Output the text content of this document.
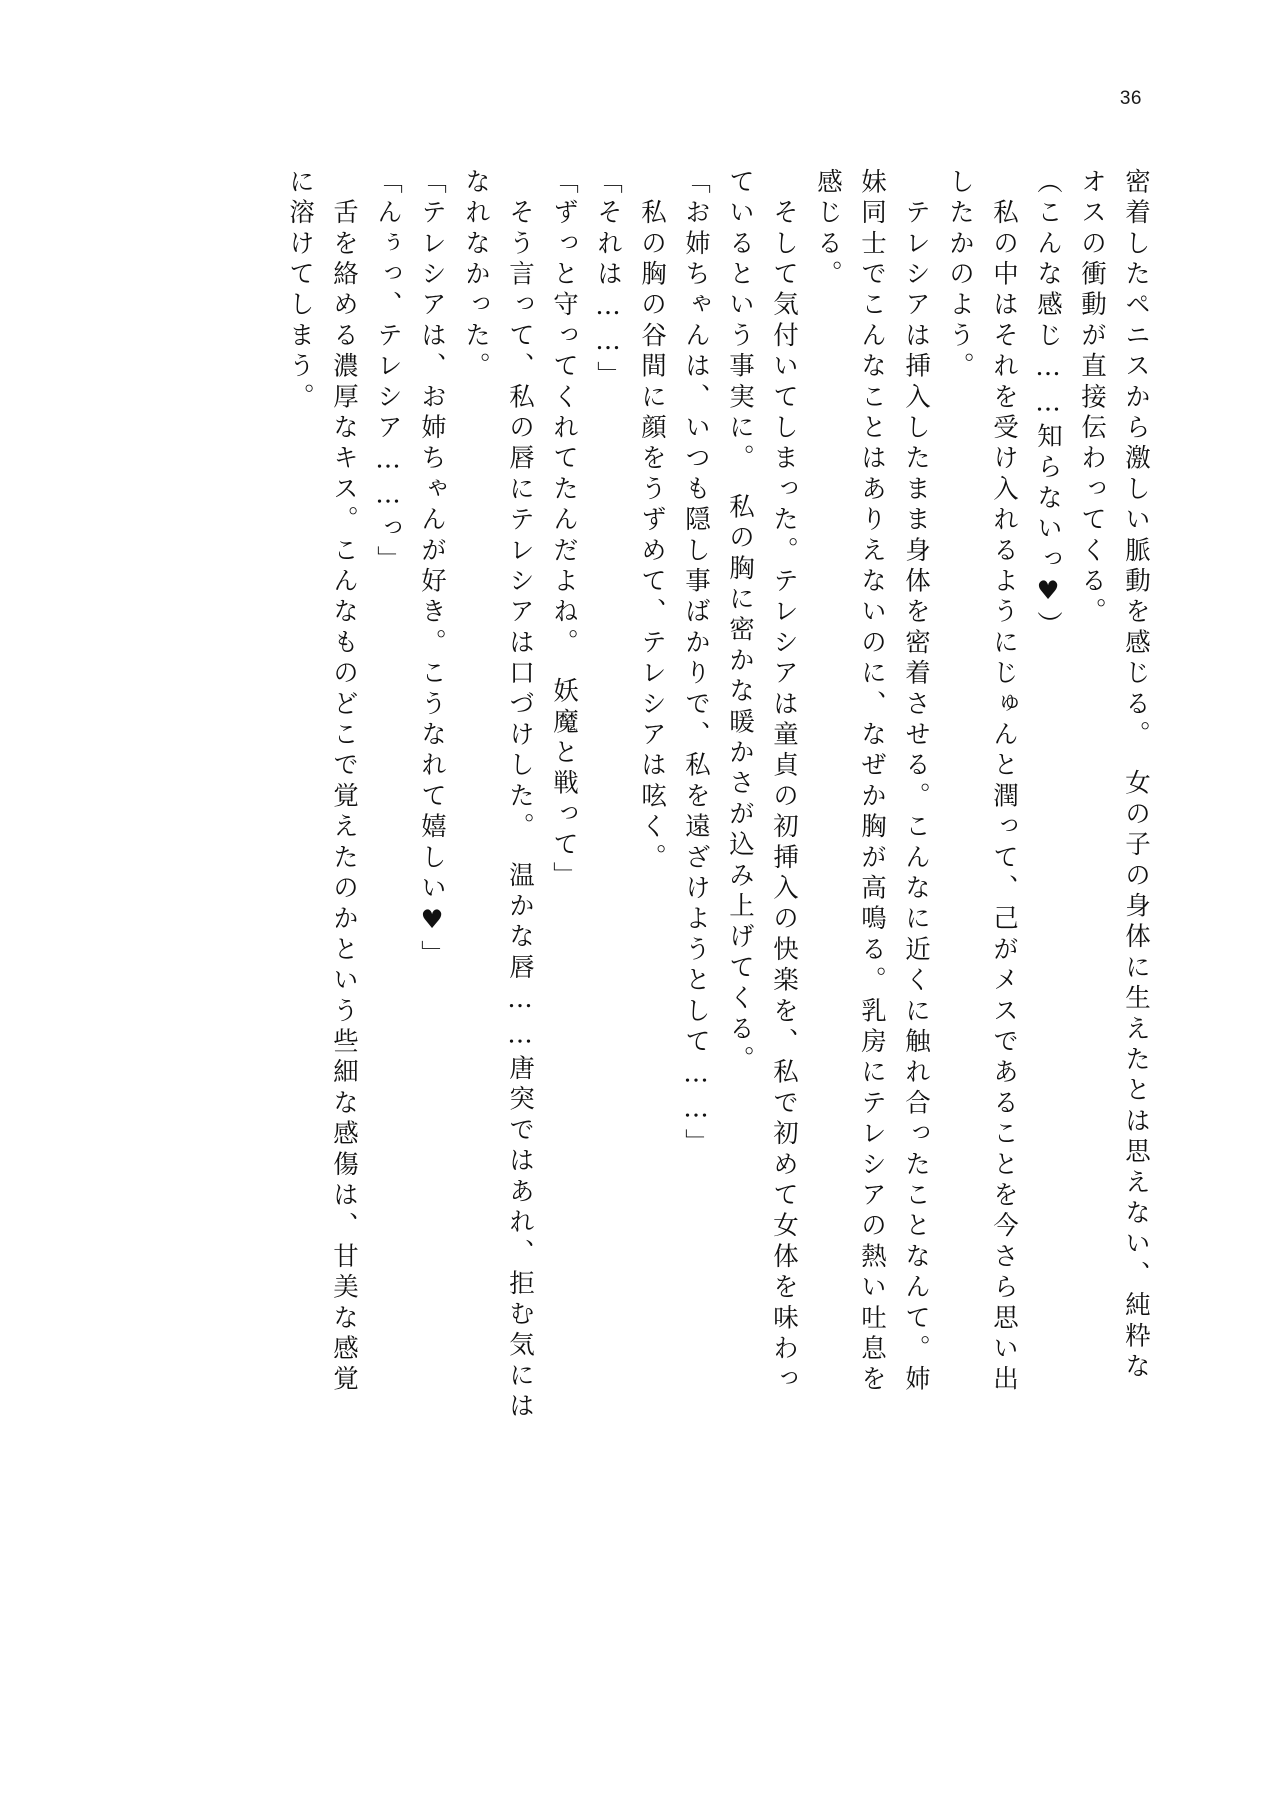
36
密着したペニスから激しい脈動を感じる。　女の子の身体に生えたとは思えない、純粋な
オスの衝動が直接伝わってくる。
（こんな感じ……知らないっ♥）
　私の中はそれを受け入れるようにじゅんと潤って、己がメスであることを今さら思い出
したかのよう。
　テレシアは挿入したまま身体を密着させる。こんなに近くに触れ合ったことなんて。姉
妹同士でこんなことはありえないのに、なぜか胸が高鳴る。乳房にテレシアの熱い吐息を
感じる。
　そして気付いてしまった。テレシアは童貞の初挿入の快楽を、私で初めて女体を味わっ
ているという事実に。　私の胸に密かな暖かさが込み上げてくる。
「お姉ちゃんは、いつも隠し事ばかりで、私を遠ざけようとして……」
　私の胸の谷間に顔をうずめて、テレシアは呟く。
「それは……」
「ずっと守ってくれてたんだよね。　妖魔と戦って」
　そう言って、私の唇にテレシアは口づけした。　温かな唇……唐突ではあれ、拒む気には
なれなかった。
「テレシアは、お姉ちゃんが好き。こうなれて嬉しい♥」
「んぅっ、テレシア……っ」
　舌を絡める濃厚なキス。こんなものどこで覚えたのかという些細な感傷は、甘美な感覚
に溶けてしまう。
